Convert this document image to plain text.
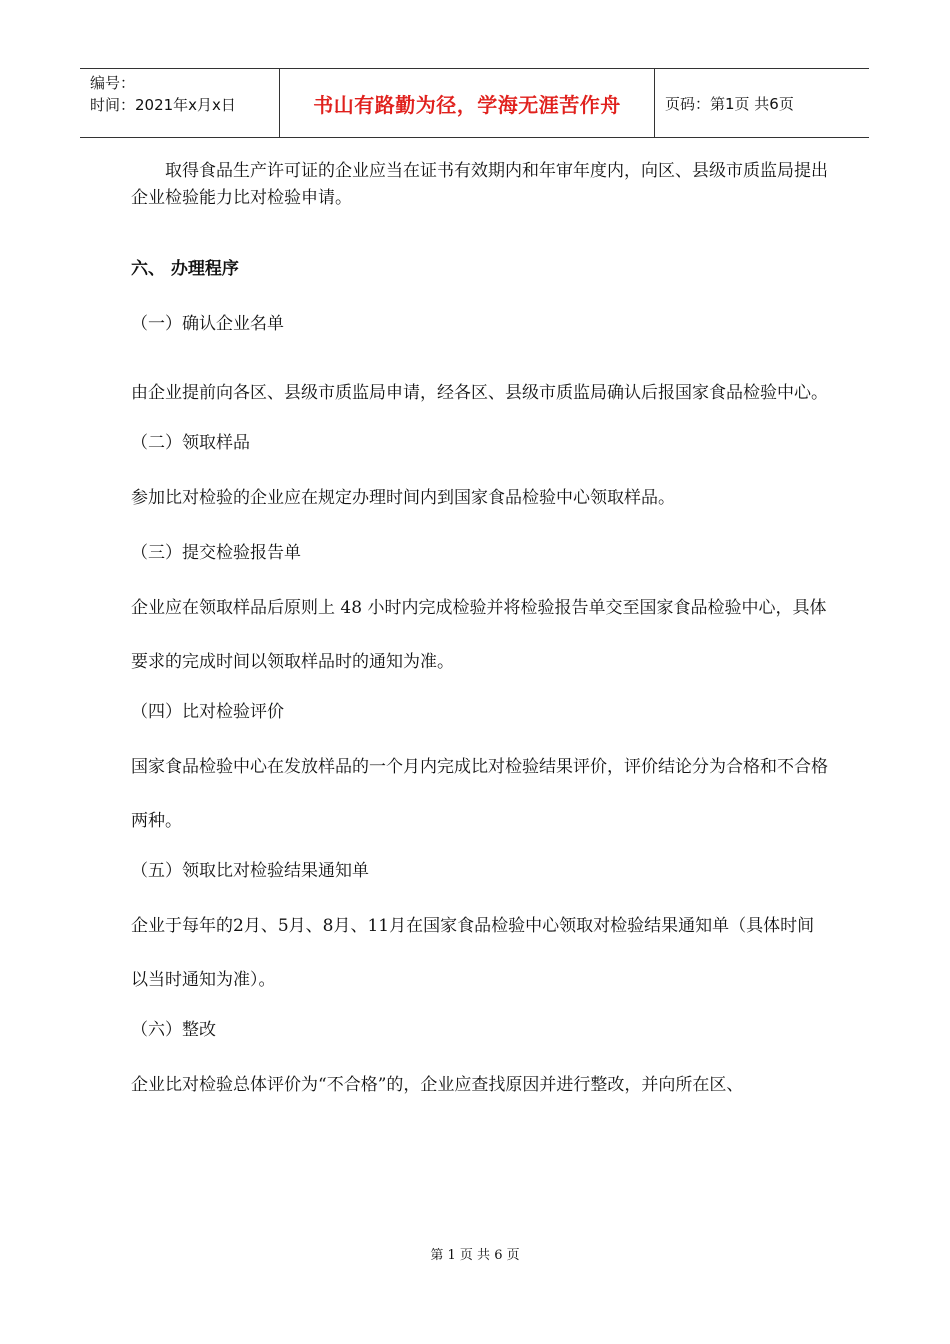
编号：
时间：2021年x月x日	书山有路勤为径，学海无涯苦作舟	页码：第1页 共6页

取得食品生产许可证的企业应当在证书有效期内和年审年度内，向区、县级市质监局提出企业检验能力比对检验申请。

六、 办理程序

（一）确认企业名单

由企业提前向各区、县级市质监局申请，经各区、县级市质监局确认后报国家食品检验中心。

（二）领取样品

参加比对检验的企业应在规定办理时间内到国家食品检验中心领取样品。

（三）提交检验报告单

企业应在领取样品后原则上 48 小时内完成检验并将检验报告单交至国家食品检验中心，具体要求的完成时间以领取样品时的通知为准。

（四）比对检验评价

国家食品检验中心在发放样品的一个月内完成比对检验结果评价，评价结论分为合格和不合格两种。

（五）领取比对检验结果通知单

企业于每年的2月、5月、8月、11月在国家食品检验中心领取对检验结果通知单（具体时间以当时通知为准）。

（六）整改

企业比对检验总体评价为“不合格”的，企业应查找原因并进行整改，并向所在区、

第 1 页 共 6 页
